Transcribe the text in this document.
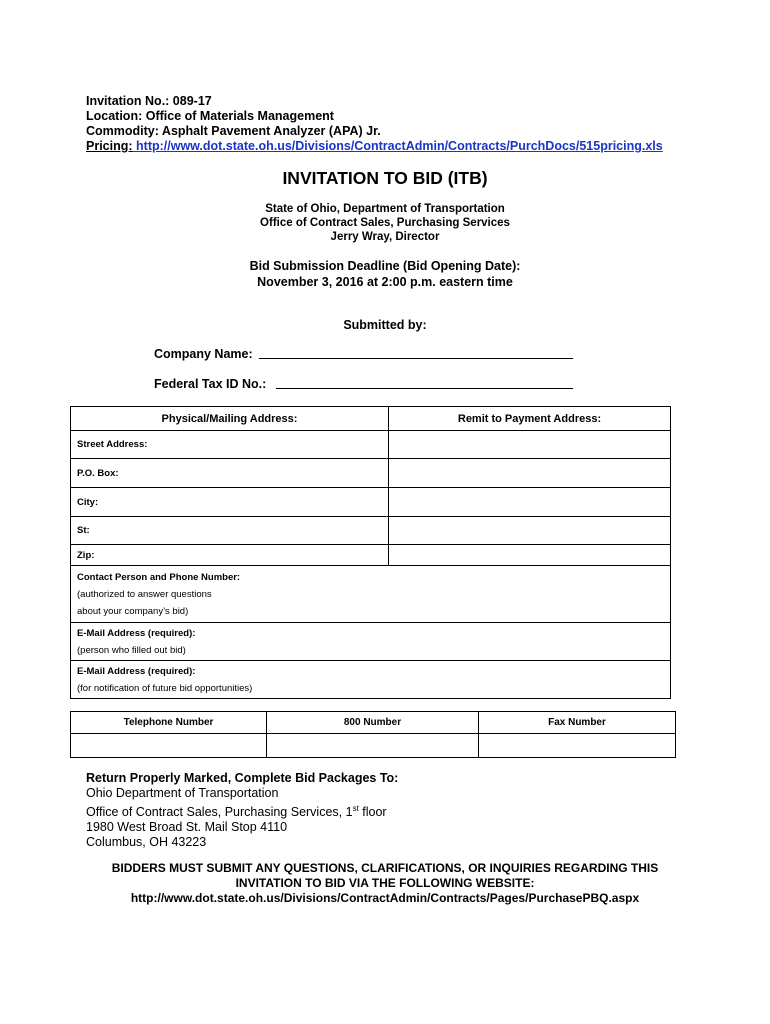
Invitation No.: 089-17
Location: Office of Materials Management
Commodity: Asphalt Pavement Analyzer (APA) Jr.
Pricing: http://www.dot.state.oh.us/Divisions/ContractAdmin/Contracts/PurchDocs/515pricing.xls
INVITATION TO BID (ITB)
State of Ohio, Department of Transportation
Office of Contract Sales, Purchasing Services
Jerry Wray, Director
Bid Submission Deadline (Bid Opening Date):
November 3, 2016 at 2:00 p.m. eastern time
Submitted by:
Company Name:
Federal Tax ID No.:
Physical/Mailing Address:	Remit to Payment Address:
Street Address:	
P.O. Box:	
City:	
St:	
Zip:	

Contact Person and Phone Number:
(authorized to answer questions
about your company’s bid)	

E-Mail Address (required):
(person who filled out bid)	

E-Mail Address (required):
(for notification of future bid opportunities)	
Telephone Number	800 Number	Fax Number

Return Properly Marked, Complete Bid Packages To:
Ohio Department of Transportation
Office of Contract Sales, Purchasing Services, 1st floor
1980 West Broad St. Mail Stop 4110
Columbus, OH 43223
BIDDERS MUST SUBMIT ANY QUESTIONS, CLARIFICATIONS, OR INQUIRIES REGARDING THIS
INVITATION TO BID VIA THE FOLLOWING WEBSITE:
http://www.dot.state.oh.us/Divisions/ContractAdmin/Contracts/Pages/PurchasePBQ.aspx
